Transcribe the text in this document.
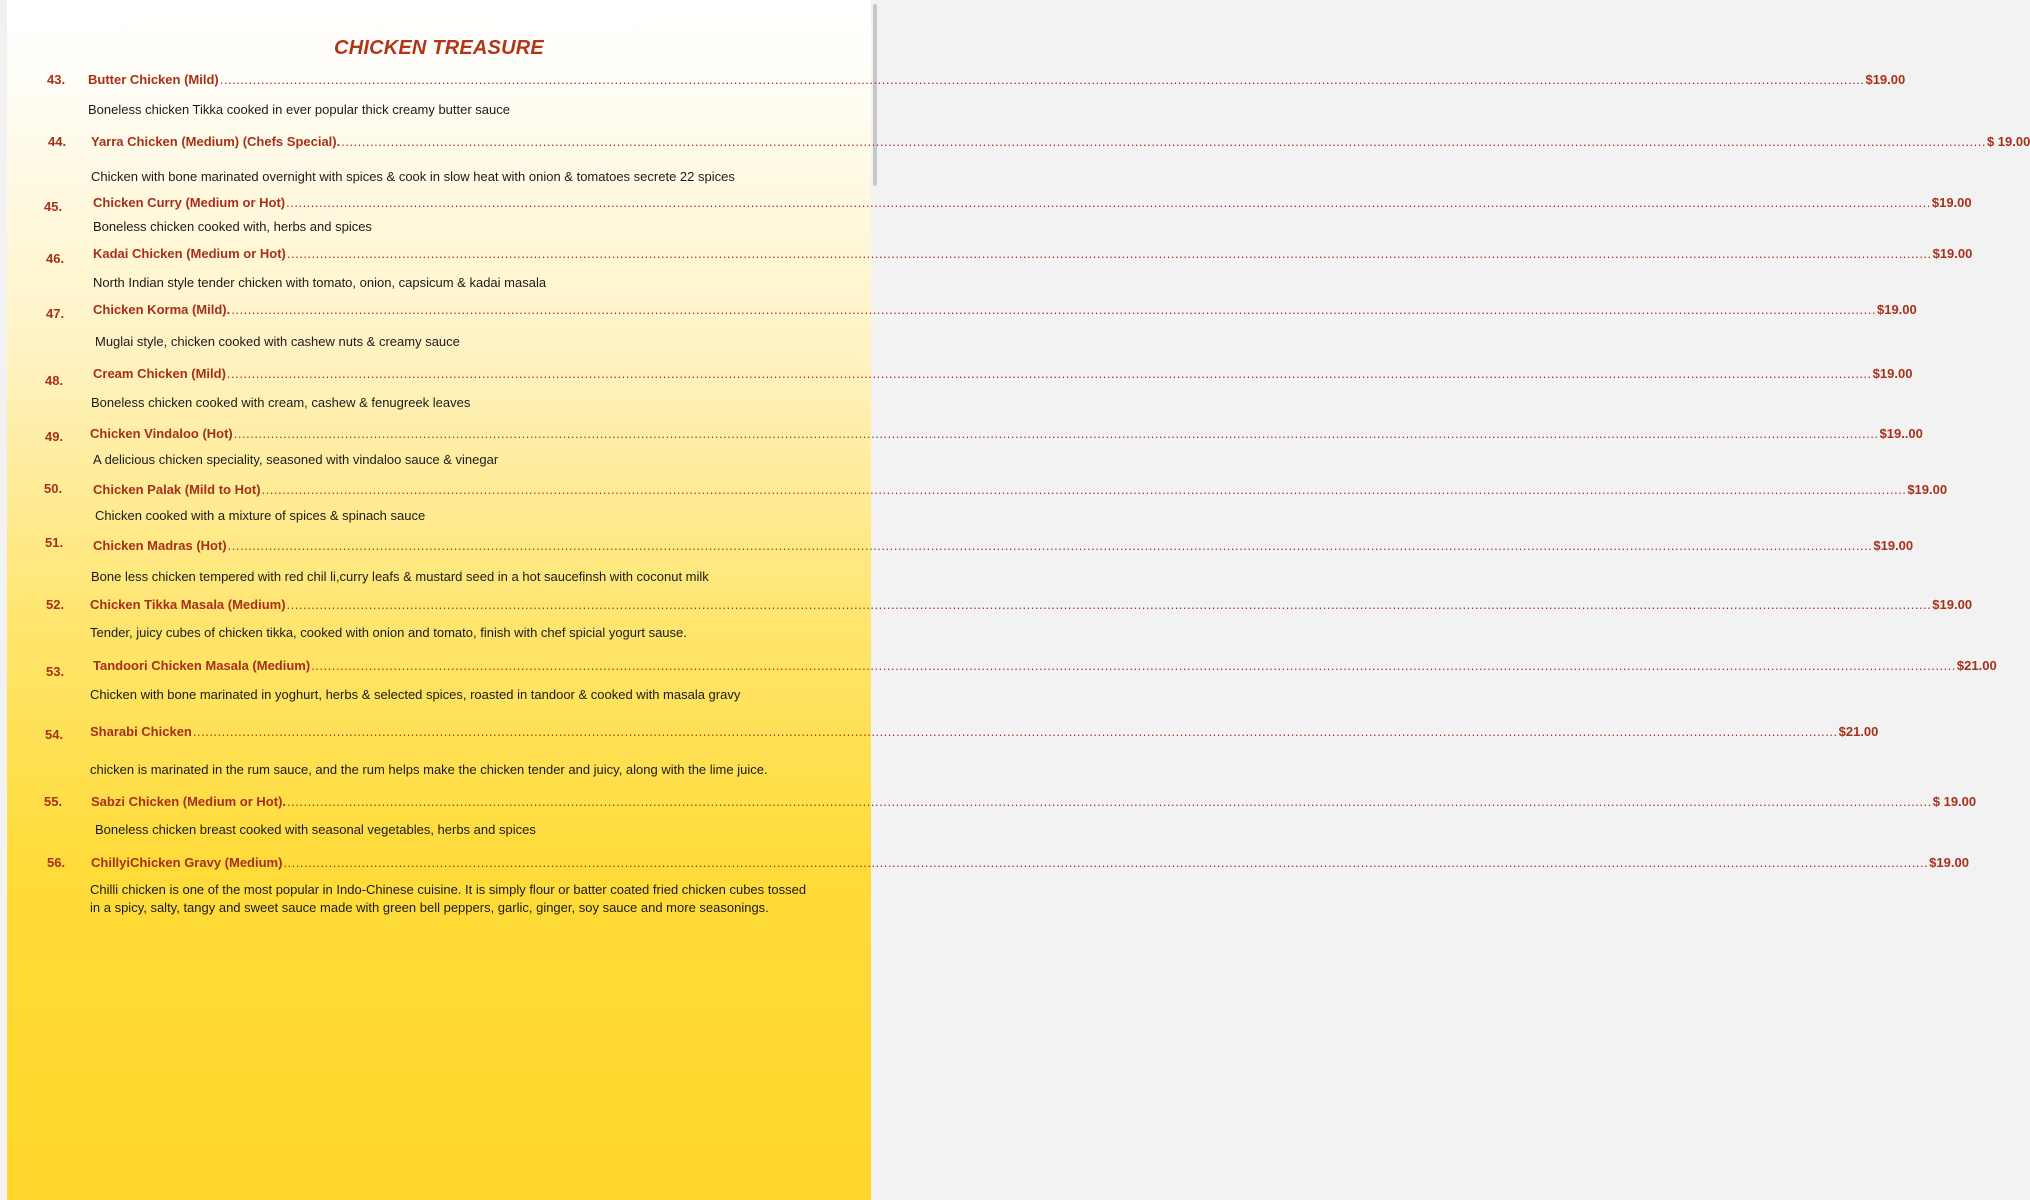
CHICKEN TREASURE
43. Butter Chicken (Mild) ................................................................................................................................................................................................................................................................................................................................................................................................................ $19.00
Boneless chicken Tikka cooked in ever popular thick creamy butter sauce
44. Yarra Chicken (Medium) (Chefs Special). ................................................................................................................................................................................................................................................................................................................................................................................................................ $ 19.00
Chicken with bone marinated overnight with spices & cook in slow heat with onion & tomatoes secrete 22 spices
45. Chicken Curry (Medium or Hot) ................................................................................................................................................................................................................................................................................................................................................................................................................ $19.00
Boneless chicken cooked with, herbs and spices
46. Kadai Chicken (Medium or Hot) ................................................................................................................................................................................................................................................................................................................................................................................................................ $19.00
North Indian style tender chicken with tomato, onion, capsicum & kadai masala
47. Chicken Korma (Mild). ................................................................................................................................................................................................................................................................................................................................................................................................................ $19.00
Muglai style, chicken cooked with cashew nuts & creamy sauce
48. Cream Chicken (Mild) ................................................................................................................................................................................................................................................................................................................................................................................................................ $19.00
Boneless chicken cooked with cream, cashew & fenugreek leaves
49. Chicken Vindaloo (Hot) ................................................................................................................................................................................................................................................................................................................................................................................................................ $19..00
A delicious chicken speciality, seasoned with vindaloo sauce & vinegar
50. Chicken Palak (Mild to Hot) ................................................................................................................................................................................................................................................................................................................................................................................................................ $19.00
Chicken cooked with a mixture of spices & spinach sauce
51. Chicken Madras (Hot) ................................................................................................................................................................................................................................................................................................................................................................................................................ $19.00
Bone less chicken tempered with red chil li,curry leafs & mustard seed in a hot saucefinsh with coconut milk
52. Chicken Tikka Masala (Medium) ................................................................................................................................................................................................................................................................................................................................................................................................................ $19.00
Tender, juicy cubes of chicken tikka, cooked with onion and tomato, finish with chef spicial yogurt sause.
53. Tandoori Chicken Masala (Medium) ................................................................................................................................................................................................................................................................................................................................................................................................................ $21.00
Chicken with bone marinated in yoghurt, herbs & selected spices, roasted in tandoor & cooked with masala gravy
54. Sharabi Chicken ................................................................................................................................................................................................................................................................................................................................................................................................................ $21.00
chicken is marinated in the rum sauce, and the rum helps make the chicken tender and juicy, along with the lime juice.
55. Sabzi Chicken (Medium or Hot). ................................................................................................................................................................................................................................................................................................................................................................................................................ $ 19.00
Boneless chicken breast cooked with seasonal vegetables, herbs and spices
56. ChillyiChicken Gravy (Medium) ................................................................................................................................................................................................................................................................................................................................................................................................................ $19.00
Chilli chicken is one of the most popular in Indo-Chinese cuisine. It is simply flour or batter coated fried chicken cubes tossed in a spicy, salty, tangy and sweet sauce made with green bell peppers, garlic, ginger, soy sauce and more seasonings.
